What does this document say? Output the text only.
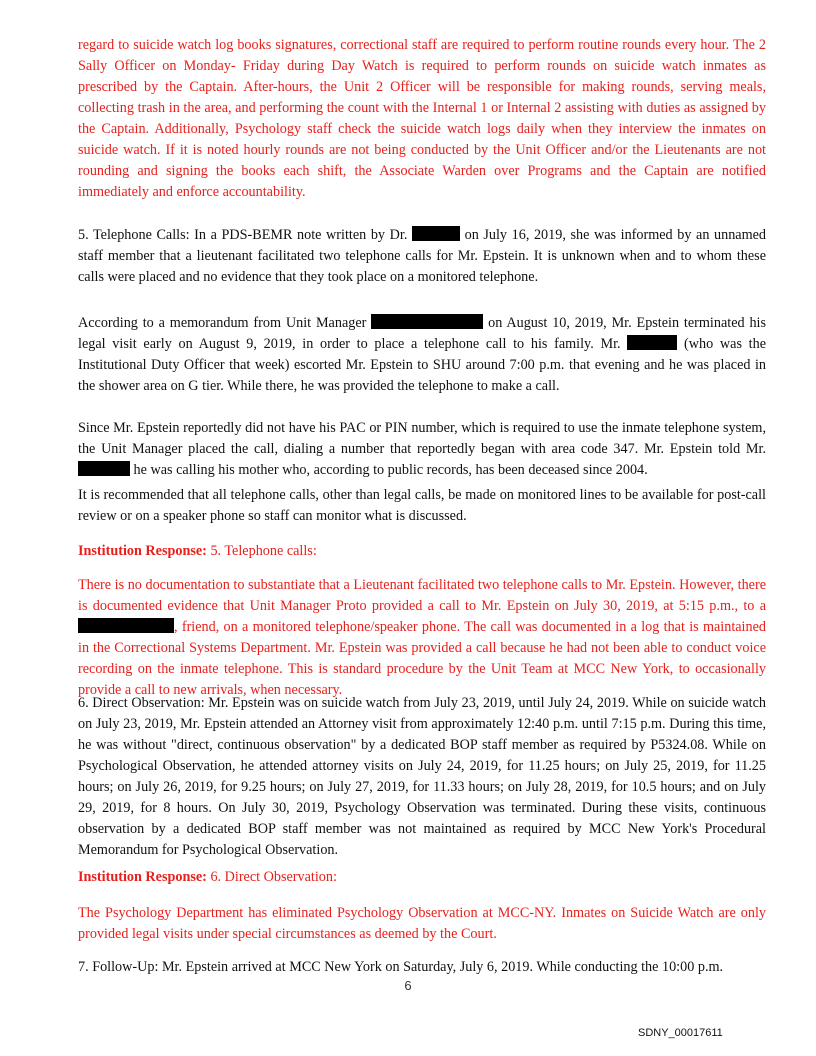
regard to suicide watch log books signatures, correctional staff are required to perform routine rounds every hour. The 2 Sally Officer on Monday- Friday during Day Watch is required to perform rounds on suicide watch inmates as prescribed by the Captain. After-hours, the Unit 2 Officer will be responsible for making rounds, serving meals, collecting trash in the area, and performing the count with the Internal 1 or Internal 2 assisting with duties as assigned by the Captain. Additionally, Psychology staff check the suicide watch logs daily when they interview the inmates on suicide watch. If it is noted hourly rounds are not being conducted by the Unit Officer and/or the Lieutenants are not rounding and signing the books each shift, the Associate Warden over Programs and the Captain are notified immediately and enforce accountability.

5. Telephone Calls: In a PDS-BEMR note written by Dr.	on July 16, 2019, she was informed by an unnamed staff member that a lieutenant facilitated two telephone calls for Mr. Epstein. It is unknown when and to whom these calls were placed and no evidence that they took place on a monitored telephone.

According to a memorandum from Unit Manager	on August 10, 2019, Mr. Epstein terminated his legal visit early on August 9, 2019, in order to place a telephone call to his family. Mr.	(who was the Institutional Duty Officer that week) escorted Mr. Epstein to SHU around 7:00 p.m. that evening and he was placed in the shower area on G tier. While there, he was provided the telephone to make a call.

Since Mr. Epstein reportedly did not have his PAC or PIN number, which is required to use the inmate telephone system, the Unit Manager placed the call, dialing a number that reportedly began with area code 347. Mr. Epstein told Mr.  he was calling his mother who, according to public records, has been deceased since 2004.

It is recommended that all telephone calls, other than legal calls, be made on monitored lines to be available for post-call review or on a speaker phone so staff can monitor what is discussed.

Institution Response: 5. Telephone calls:

There is no documentation to substantiate that a Lieutenant facilitated two telephone calls to Mr. Epstein. However, there is documented evidence that Unit Manager Proto provided a call to Mr. Epstein on July 30, 2019, at 5:15 p.m., to a , friend, on a monitored telephone/speaker phone. The call was documented in a log that is maintained in the Correctional Systems Department. Mr. Epstein was provided a call because he had not been able to conduct voice recording on the inmate telephone. This is standard procedure by the Unit Team at MCC New York, to occasionally provide a call to new arrivals, when necessary.

6. Direct Observation: Mr. Epstein was on suicide watch from July 23, 2019, until July 24, 2019. While on suicide watch on July 23, 2019, Mr. Epstein attended an Attorney visit from approximately 12:40 p.m. until 7:15 p.m. During this time, he was without "direct, continuous observation" by a dedicated BOP staff member as required by P5324.08. While on Psychological Observation, he attended attorney visits on July 24, 2019, for 11.25 hours; on July 25, 2019, for 11.25 hours; on July 26, 2019, for 9.25 hours; on July 27, 2019, for 11.33 hours; on July 28, 2019, for 10.5 hours; and on July 29, 2019, for 8 hours. On July 30, 2019, Psychology Observation was terminated. During these visits, continuous observation by a dedicated BOP staff member was not maintained as required by MCC New York's Procedural Memorandum for Psychological Observation.

Institution Response: 6. Direct Observation:

The Psychology Department has eliminated Psychology Observation at MCC-NY. Inmates on Suicide Watch are only provided legal visits under special circumstances as deemed by the Court.

7. Follow-Up: Mr. Epstein arrived at MCC New York on Saturday, July 6, 2019. While conducting the 10:00 p.m.

6
SDNY_00017611
